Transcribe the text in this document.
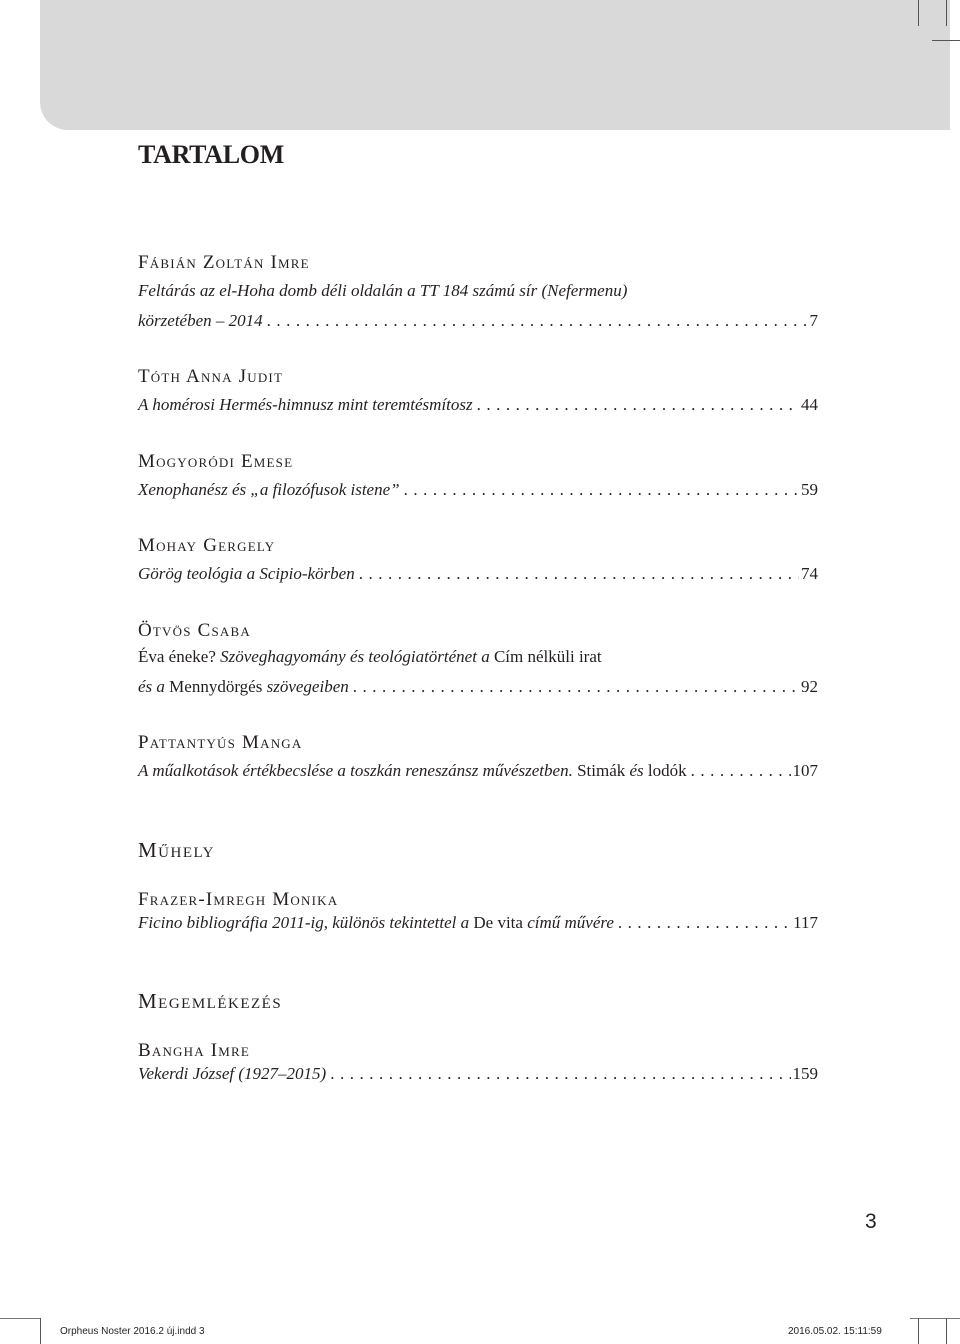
TARTALOM
Fábián Zoltán Imre
Feltárás az el-Hoha domb déli oldalán a TT 184 számú sír (Nefermenu)
körzetében – 2014 .....	7
Tóth Anna Judit
A homérosi Hermés-himnusz mint teremtésmítosz .....	44
Mogyoródi Emese
Xenophanész és „a filozófusok istene” .....	59
Mohay Gergely
Görög teológia a Scipio-körben .....	74
Ötvös Csaba
Éva éneke? Szöveghagyomány és teológiatörténet a Cím nélküli irat
és a Mennydörgés szövegeiben .....	92
Pattantyús Manga
A műalkotások értékbecslése a toszkán reneszánsz művészetben. Stimák és lodók .....	107
Műhely
Frazer-Imregh Monika
Ficino bibliográfia 2011-ig, különös tekintettel a De vita című művére .....	117
Megemlékezés
Bangha Imre
Vekerdi József (1927–2015) .....	159
3
Orpheus Noster 2016.2 új.indd 3	2016.05.02. 15:11:59
